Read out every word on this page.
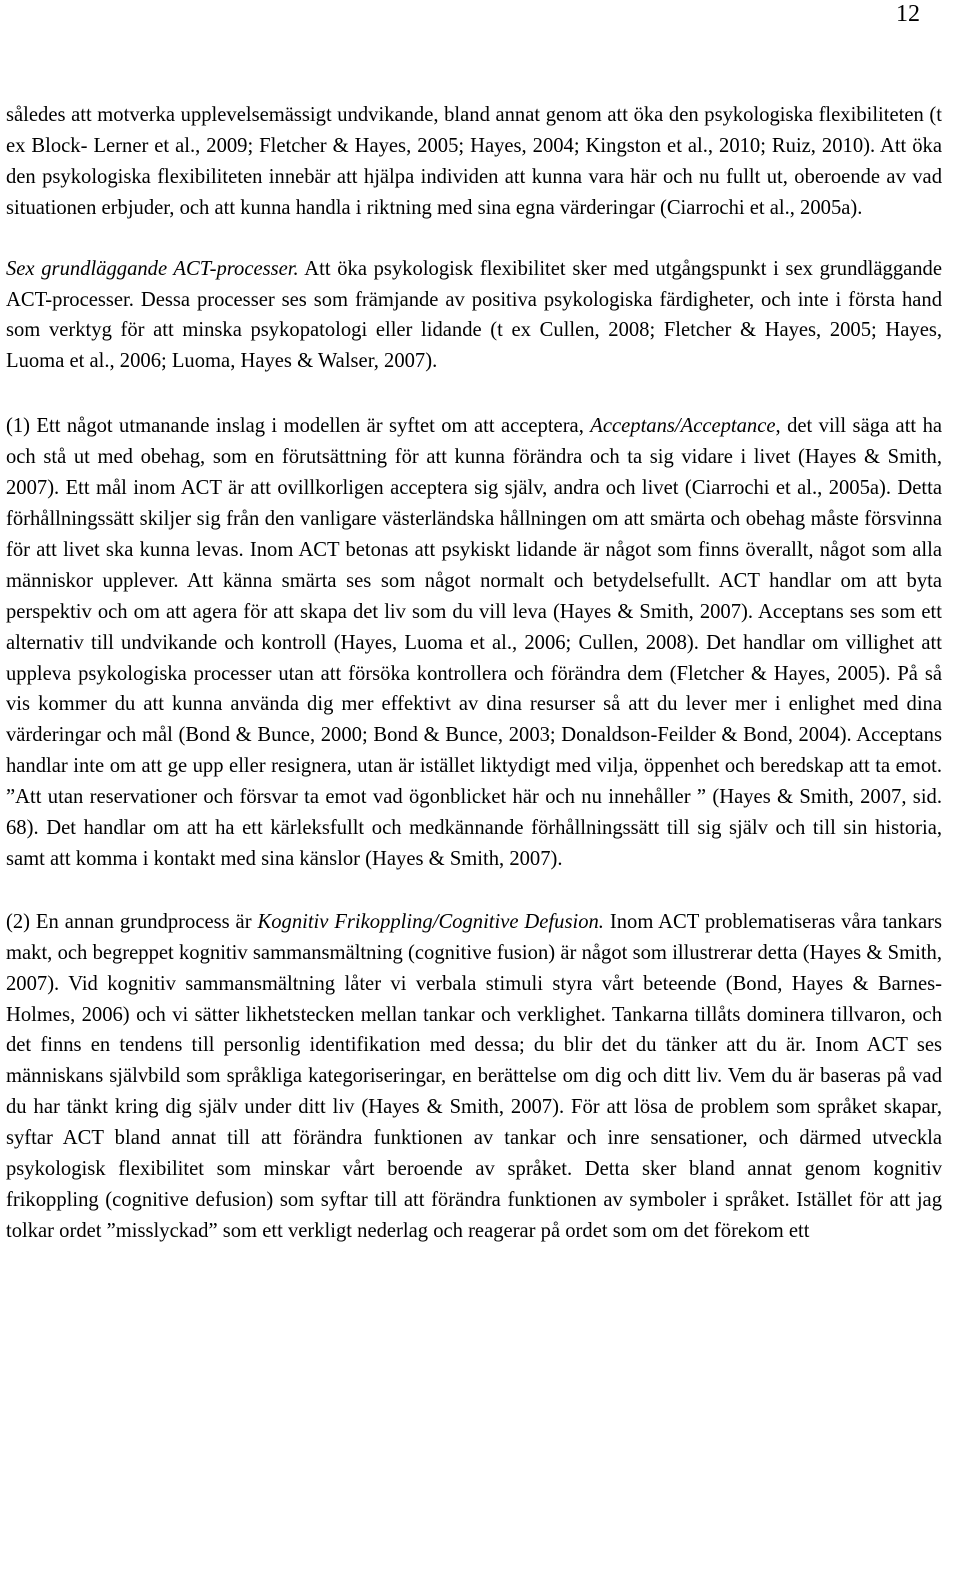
12

således att motverka upplevelsemässigt undvikande, bland annat genom att öka den psykologiska flexibiliteten (t ex Block- Lerner et al., 2009; Fletcher & Hayes, 2005; Hayes, 2004; Kingston et al., 2010; Ruiz, 2010). Att öka den psykologiska flexibiliteten innebär att hjälpa individen att kunna vara här och nu fullt ut, oberoende av vad situationen erbjuder, och att kunna handla i riktning med sina egna värderingar (Ciarrochi et al., 2005a).

Sex grundläggande ACT-processer. Att öka psykologisk flexibilitet sker med utgångspunkt i sex grundläggande ACT-processer. Dessa processer ses som främjande av positiva psykologiska färdigheter, och inte i första hand som verktyg för att minska psykopatologi eller lidande (t ex Cullen, 2008; Fletcher & Hayes, 2005; Hayes, Luoma et al., 2006; Luoma, Hayes & Walser, 2007).

(1) Ett något utmanande inslag i modellen är syftet om att acceptera, Acceptans/Acceptance, det vill säga att ha och stå ut med obehag, som en förutsättning för att kunna förändra och ta sig vidare i livet (Hayes & Smith, 2007). Ett mål inom ACT är att ovillkorligen acceptera sig själv, andra och livet (Ciarrochi et al., 2005a). Detta förhållningssätt skiljer sig från den vanligare västerländska hållningen om att smärta och obehag måste försvinna för att livet ska kunna levas. Inom ACT betonas att psykiskt lidande är något som finns överallt, något som alla människor upplever. Att känna smärta ses som något normalt och betydelsefullt. ACT handlar om att byta perspektiv och om att agera för att skapa det liv som du vill leva (Hayes & Smith, 2007). Acceptans ses som ett alternativ till undvikande och kontroll (Hayes, Luoma et al., 2006; Cullen, 2008). Det handlar om villighet att uppleva psykologiska processer utan att försöka kontrollera och förändra dem (Fletcher & Hayes, 2005). På så vis kommer du att kunna använda dig mer effektivt av dina resurser så att du lever mer i enlighet med dina värderingar och mål (Bond & Bunce, 2000; Bond & Bunce, 2003; Donaldson-Feilder & Bond, 2004). Acceptans handlar inte om att ge upp eller resignera, utan är istället liktydigt med vilja, öppenhet och beredskap att ta emot. ”Att utan reservationer och försvar ta emot vad ögonblicket här och nu innehåller ” (Hayes & Smith, 2007, sid. 68). Det handlar om att ha ett kärleksfullt och medkännande förhållningssätt till sig själv och till sin historia, samt att komma i kontakt med sina känslor (Hayes & Smith, 2007).

(2) En annan grundprocess är Kognitiv Frikoppling/Cognitive Defusion. Inom ACT problematiseras våra tankars makt, och begreppet kognitiv sammansmältning (cognitive fusion) är något som illustrerar detta (Hayes & Smith, 2007). Vid kognitiv sammansmältning låter vi verbala stimuli styra vårt beteende (Bond, Hayes & Barnes-Holmes, 2006) och vi sätter likhetstecken mellan tankar och verklighet. Tankarna tillåts dominera tillvaron, och det finns en tendens till personlig identifikation med dessa; du blir det du tänker att du är. Inom ACT ses människans självbild som språkliga kategoriseringar, en berättelse om dig och ditt liv. Vem du är baseras på vad du har tänkt kring dig själv under ditt liv (Hayes & Smith, 2007). För att lösa de problem som språket skapar, syftar ACT bland annat till att förändra funktionen av tankar och inre sensationer, och därmed utveckla psykologisk flexibilitet som minskar vårt beroende av språket. Detta sker bland annat genom kognitiv frikoppling (cognitive defusion) som syftar till att förändra funktionen av symboler i språket. Istället för att jag tolkar ordet ”misslyckad” som ett verkligt nederlag och reagerar på ordet som om det förekom ett
